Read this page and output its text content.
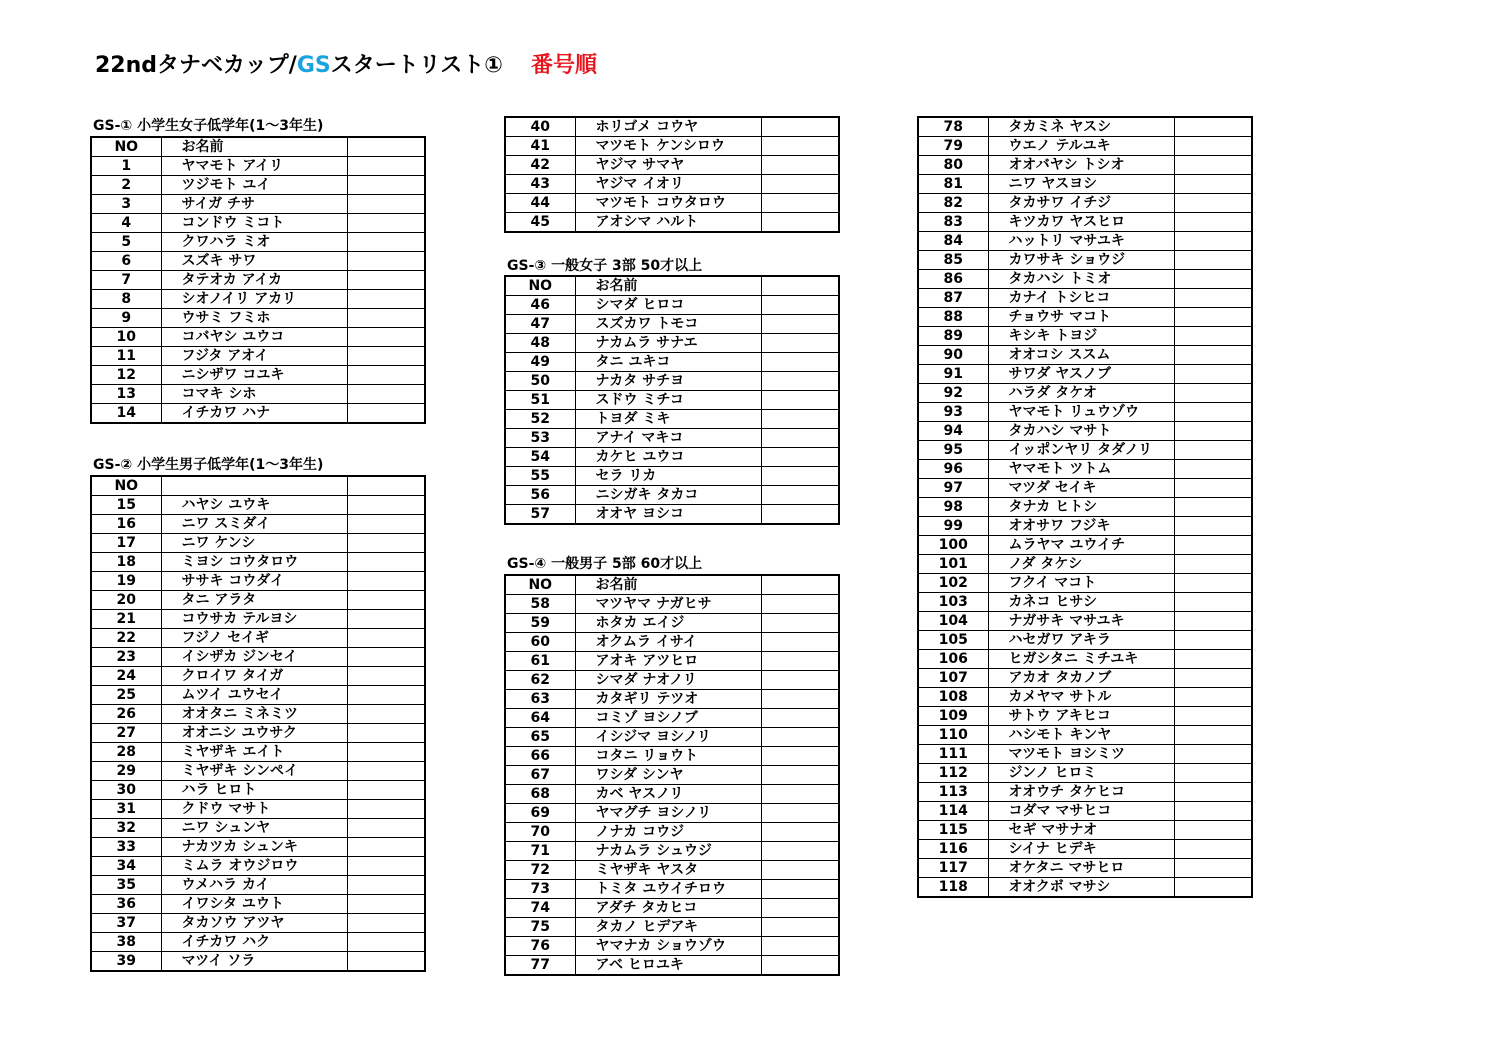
22ndタナベカップ/GSスタートリスト① 番号順
GS-① 小学生女子低学年(1～3年生)
NO	お名前	
1	ヤマモト アイリ	
2	ツジモト ユイ	
3	サイガ チサ	
4	コンドウ ミコト	
5	クワハラ ミオ	
6	スズキ サワ	
7	タテオカ アイカ	
8	シオノイリ アカリ	
9	ウサミ フミホ	
10	コバヤシ ユウコ	
11	フジタ アオイ	
12	ニシザワ コユキ	
13	コマキ シホ	
14	イチカワ ハナ	
GS-② 小学生男子低学年(1～3年生)
NO		
15	ハヤシ ユウキ	
16	ニワ スミダイ	
17	ニワ ケンシ	
18	ミヨシ コウタロウ	
19	ササキ コウダイ	
20	タニ アラタ	
21	コウサカ テルヨシ	
22	フジノ セイギ	
23	イシザカ ジンセイ	
24	クロイワ タイガ	
25	ムツイ ユウセイ	
26	オオタニ ミネミツ	
27	オオニシ ユウサク	
28	ミヤザキ エイト	
29	ミヤザキ シンペイ	
30	ハラ ヒロト	
31	クドウ マサト	
32	ニワ シュンヤ	
33	ナカツカ シュンキ	
34	ミムラ オウジロウ	
35	ウメハラ カイ	
36	イワシタ ユウト	
37	タカソウ アツヤ	
38	イチカワ ハク	
39	マツイ ソラ	
40	ホリゴメ コウヤ	
41	マツモト ケンシロウ	
42	ヤジマ サマヤ	
43	ヤジマ イオリ	
44	マツモト コウタロウ	
45	アオシマ ハルト	
GS-③ 一般女子 3部 50才以上
NO	お名前	
46	シマダ ヒロコ	
47	スズカワ トモコ	
48	ナカムラ サナエ	
49	タニ ユキコ	
50	ナカタ サチヨ	
51	スドウ ミチコ	
52	トヨダ ミキ	
53	アナイ マキコ	
54	カケヒ ユウコ	
55	セラ リカ	
56	ニシガキ タカコ	
57	オオヤ ヨシコ	
GS-④ 一般男子 5部 60才以上
NO	お名前	
58	マツヤマ ナガヒサ	
59	ホタカ エイジ	
60	オクムラ イサイ	
61	アオキ アツヒロ	
62	シマダ ナオノリ	
63	カタギリ テツオ	
64	コミゾ ヨシノブ	
65	イシジマ ヨシノリ	
66	コタニ リョウト	
67	ワシダ シンヤ	
68	カベ ヤスノリ	
69	ヤマグチ ヨシノリ	
70	ノナカ コウジ	
71	ナカムラ シュウジ	
72	ミヤザキ ヤスタ	
73	トミタ ユウイチロウ	
74	アダチ タカヒコ	
75	タカノ ヒデアキ	
76	ヤマナカ ショウゾウ	
77	アベ ヒロユキ	
78	タカミネ ヤスシ	
79	ウエノ テルユキ	
80	オオバヤシ トシオ	
81	ニワ ヤスヨシ	
82	タカサワ イチジ	
83	キツカワ ヤスヒロ	
84	ハットリ マサユキ	
85	カワサキ ショウジ	
86	タカハシ トミオ	
87	カナイ トシヒコ	
88	チョウサ マコト	
89	キシキ トヨジ	
90	オオコシ ススム	
91	サワダ ヤスノブ	
92	ハラダ タケオ	
93	ヤマモト リュウゾウ	
94	タカハシ マサト	
95	イッポンヤリ タダノリ	
96	ヤマモト ツトム	
97	マツダ セイキ	
98	タナカ ヒトシ	
99	オオサワ フジキ	
100	ムラヤマ ユウイチ	
101	ノダ タケシ	
102	フクイ マコト	
103	カネコ ヒサシ	
104	ナガサキ マサユキ	
105	ハセガワ アキラ	
106	ヒガシタニ ミチユキ	
107	アカオ タカノブ	
108	カメヤマ サトル	
109	サトウ アキヒコ	
110	ハシモト キンヤ	
111	マツモト ヨシミツ	
112	ジンノ ヒロミ	
113	オオウチ タケヒコ	
114	コダマ マサヒコ	
115	セギ マサナオ	
116	シイナ ヒデキ	
117	オケタニ マサヒロ	
118	オオクボ マサシ	
